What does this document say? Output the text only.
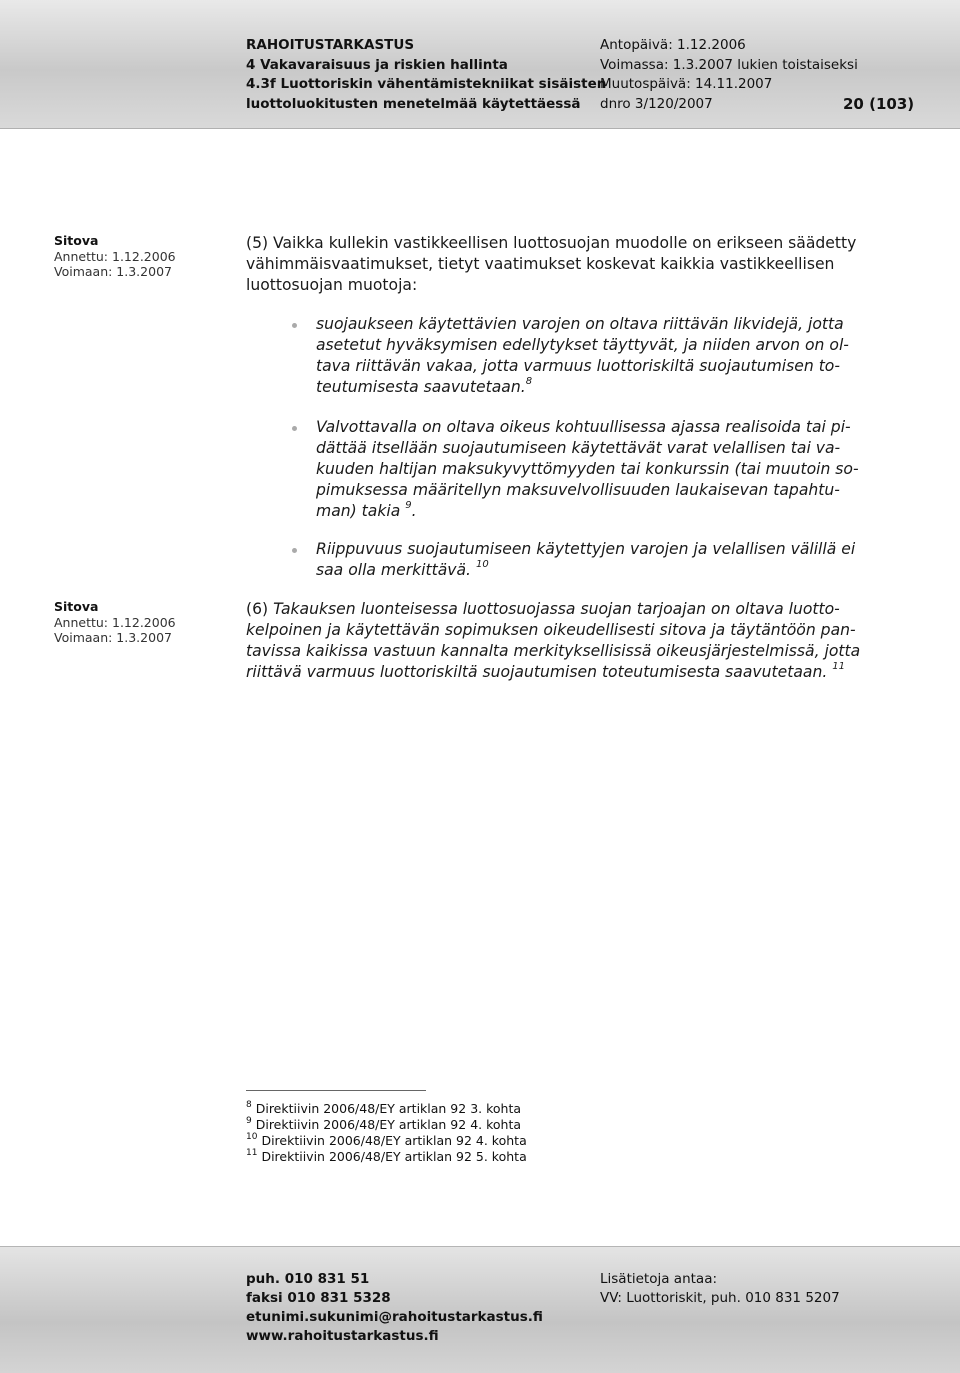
RAHOITUSTARKASTUS
4 Vakavaraisuus ja riskien hallinta
4.3f Luottoriskin vähentämistekniikat sisäisten
luottoluokitusten menetelmää käytettäessä
Antopäivä: 1.12.2006
Voimassa: 1.3.2007 lukien toistaiseksi
Muutospäivä: 14.11.2007
dnro 3/120/2007	20 (103)
Sitova
Annettu: 1.12.2006
Voimaan: 1.3.2007
(5) Vaikka kullekin vastikkeellisen luottosuojan muodolle on erikseen säädetty
vähimmäisvaatimukset, tietyt vaatimukset koskevat kaikkia vastikkeellisen
luottosuojan muotoja:
suojaukseen käytettävien varojen on oltava riittävän likvidejä, jotta
asetetut hyväksymisen edellytykset täyttyvät, ja niiden arvon on ol-
tava riittävän vakaa, jotta varmuus luottoriskiltä suojautumisen to-
teutumisesta saavutetaan.$^8$
Valvottavalla on oltava oikeus kohtuullisessa ajassa realisoida tai pi-
dättää itsellään suojautumiseen käytettävät varat velallisen tai va-
kuuden haltijan maksukyvyttömyyden tai konkurssin (tai muutoin so-
pimuksessa määritellyn maksuvelvollisuuden laukaisevan tapahtu-
man) takia $^9$.
Riippuvuus suojautumiseen käytettyjen varojen ja velallisen välillä ei
saa olla merkittävä. $^{10}$
Sitova
Annettu: 1.12.2006
Voimaan: 1.3.2007
(6) Takauksen luonteisessa luottosuojassa suojan tarjoajan on oltava luotto-
kelpoinen ja käytettävän sopimuksen oikeudellisesti sitova ja täytäntöön pan-
tavissa kaikissa vastuun kannalta merkityksellisissä oikeusjärjestelmissä, jotta
riittävä varmuus luottoriskiltä suojautumisen toteutumisesta saavutetaan. $^{11}$
$^8$ Direktiivin 2006/48/EY artiklan 92 3. kohta
$^9$ Direktiivin 2006/48/EY artiklan 92 4. kohta
$^{10}$ Direktiivin 2006/48/EY artiklan 92 4. kohta
$^{11}$ Direktiivin 2006/48/EY artiklan 92 5. kohta
puh. 010 831 51
faksi 010 831 5328
etunimi.sukunimi@rahoitustarkastus.fi
www.rahoitustarkastus.fi
Lisätietoja antaa:
VV: Luottoriskit, puh. 010 831 5207
